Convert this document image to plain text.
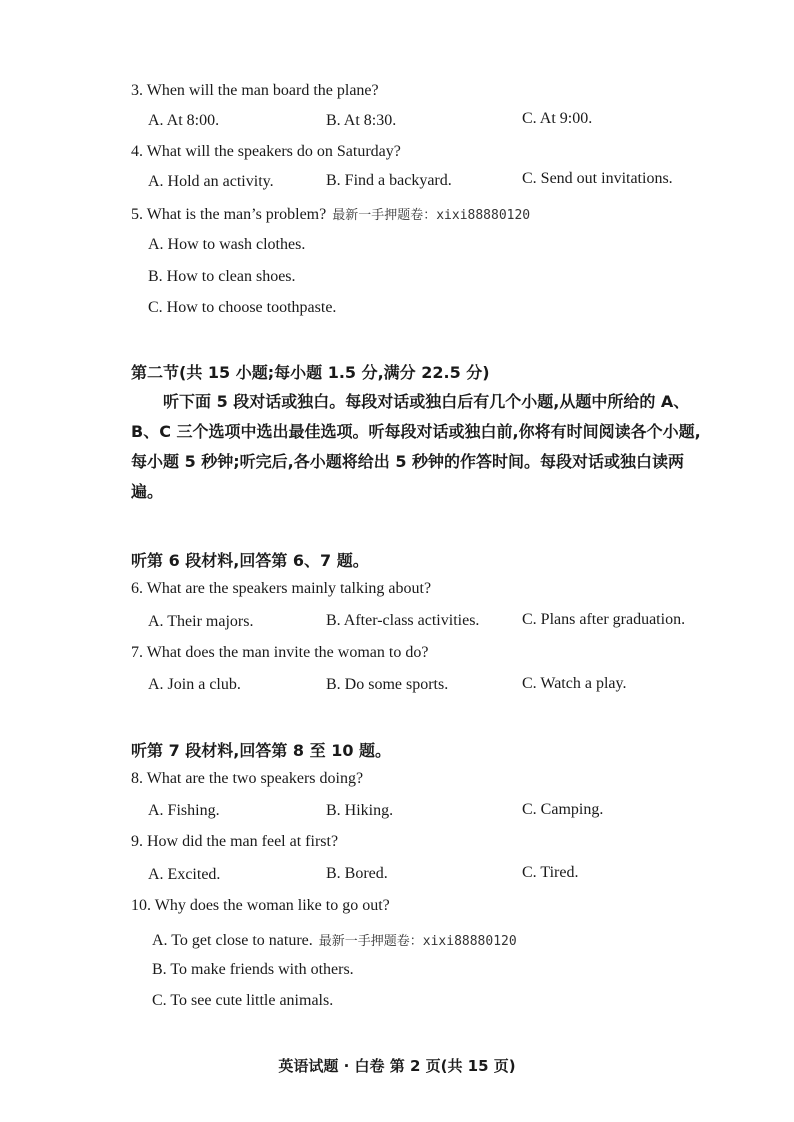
3. When will the man board the plane?
A. At 8:00.	B. At 8:30.	C. At 9:00.
4. What will the speakers do on Saturday?
A. Hold an activity.	B. Find a backyard.	C. Send out invitations.
5. What is the man’s problem? 最新一手押题卷：xixi88880120
A. How to wash clothes.
B. How to clean shoes.
C. How to choose toothpaste.
第二节(共 15 小题;每小题 1.5 分,满分 22.5 分)
听下面 5 段对话或独白。每段对话或独白后有几个小题,从题中所给的 A、B、C 三个选项中选出最佳选项。听每段对话或独白前,你将有时间阅读各个小题,每小题 5 秒钟;听完后,各小题将给出 5 秒钟的作答时间。每段对话或独白读两遍。
听第 6 段材料,回答第 6、7 题。
6. What are the speakers mainly talking about?
A. Their majors.	B. After-class activities.	C. Plans after graduation.
7. What does the man invite the woman to do?
A. Join a club.	B. Do some sports.	C. Watch a play.
听第 7 段材料,回答第 8 至 10 题。
8. What are the two speakers doing?
A. Fishing.	B. Hiking.	C. Camping.
9. How did the man feel at first?
A. Excited.	B. Bored.	C. Tired.
10. Why does the woman like to go out?
A. To get close to nature. 最新一手押题卷：xixi88880120
B. To make friends with others.
C. To see cute little animals.
英语试题 · 白卷 第 2 页(共 15 页)
